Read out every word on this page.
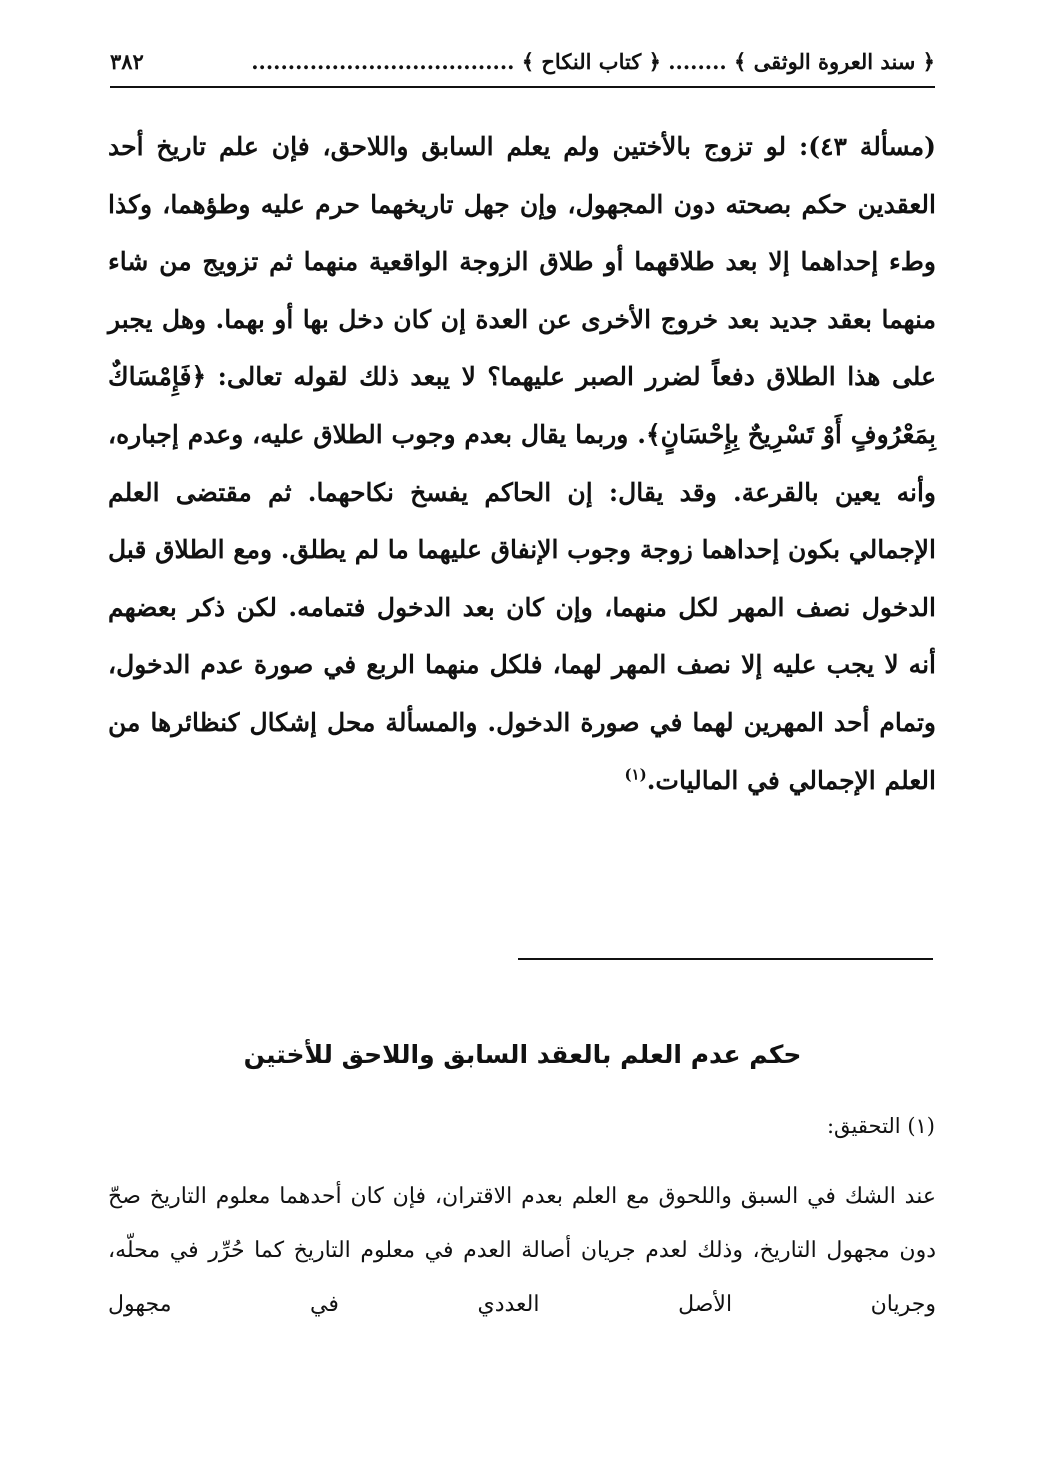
﴿ سند العروة الوثقى ﴾ ........ ﴿ كتاب النكاح ﴾ ....................................
٣٨٢

(مسألة ٤٣): لو تزوج بالأختين ولم يعلم السابق واللاحق، فإن علم تاريخ أحد العقدين حكم بصحته دون المجهول، وإن جهل تاريخهما حرم عليه وطؤهما، وكذا وطء إحداهما إلا بعد طلاقهما أو طلاق الزوجة الواقعية منهما ثم تزويج من شاء منهما بعقد جديد بعد خروج الأخرى عن العدة إن كان دخل بها أو بهما. وهل يجبر على هذا الطلاق دفعاً لضرر الصبر عليهما؟ لا يبعد ذلك لقوله تعالى: ﴿فَإِمْسَاكٌ بِمَعْرُوفٍ أَوْ تَسْرِيحٌ بِإِحْسَانٍ﴾. وربما يقال بعدم وجوب الطلاق عليه، وعدم إجباره، وأنه يعين بالقرعة. وقد يقال: إن الحاكم يفسخ نكاحهما. ثم مقتضى العلم الإجمالي بكون إحداهما زوجة وجوب الإنفاق عليهما ما لم يطلق. ومع الطلاق قبل الدخول نصف المهر لكل منهما، وإن كان بعد الدخول فتمامه. لكن ذكر بعضهم أنه لا يجب عليه إلا نصف المهر لهما، فلكل منهما الربع في صورة عدم الدخول، وتمام أحد المهرين لهما في صورة الدخول. والمسألة محل إشكال كنظائرها من العلم الإجمالي في الماليات.$^{(١)}$

حكم عدم العلم بالعقد السابق واللاحق للأختين

(١) التحقيق:

عند الشك في السبق واللحوق مع العلم بعدم الاقتران، فإن كان أحدهما معلوم التاريخ صحّ دون مجهول التاريخ، وذلك لعدم جريان أصالة العدم في معلوم التاريخ كما حُرِّر في محلّه، وجريان الأصل العددي في مجهول
